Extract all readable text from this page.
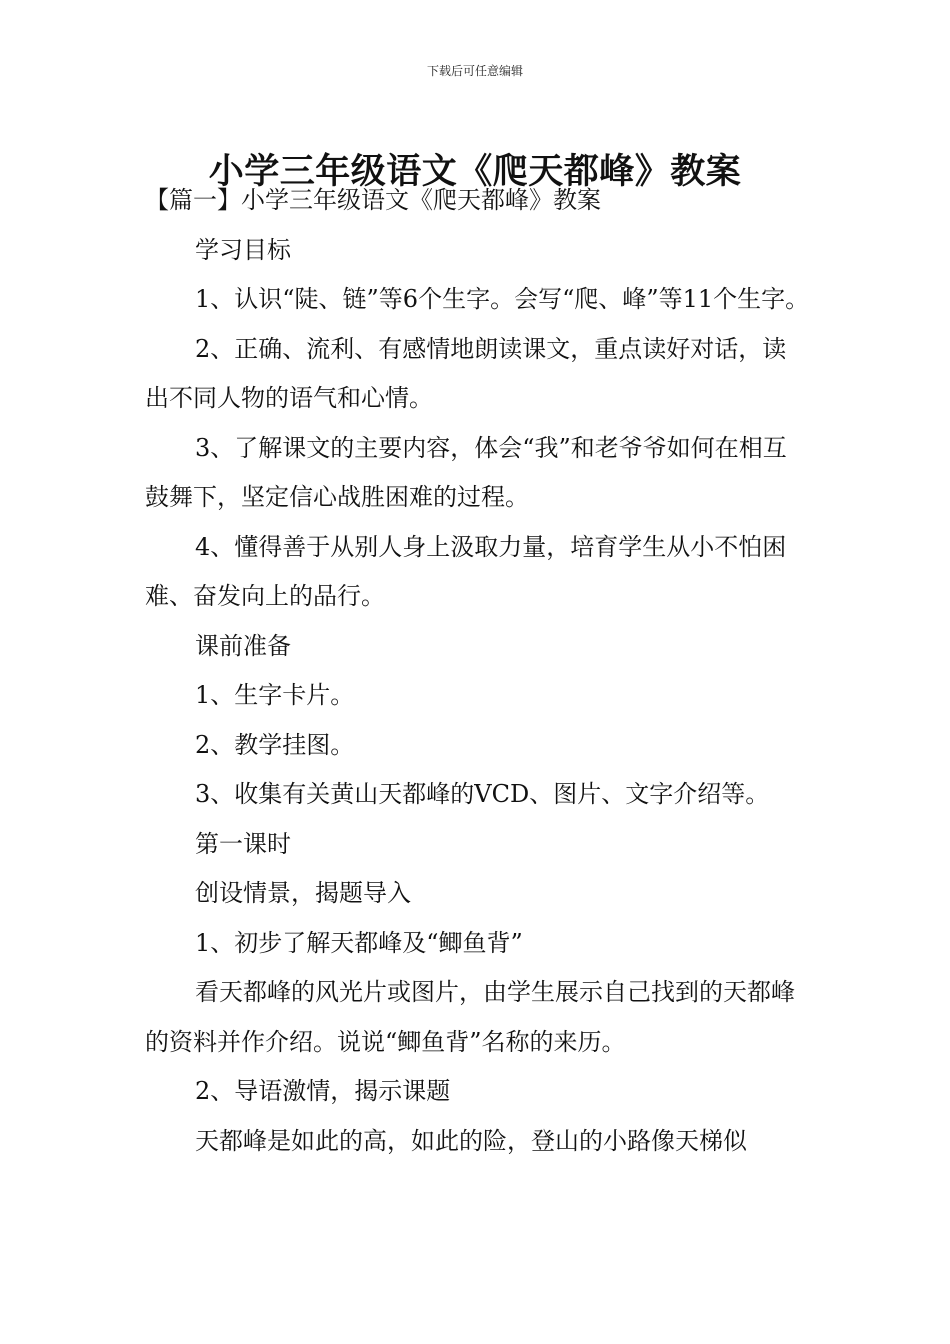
下载后可任意编辑
小学三年级语文《爬天都峰》教案

【篇一】小学三年级语文《爬天都峰》教案

学习目标

1、认识“陡、链”等6个生字。会写“爬、峰”等11个生字。

2、正确、流利、有感情地朗读课文，重点读好对话，读出不同人物的语气和心情。

3、了解课文的主要内容，体会“我”和老爷爷如何在相互鼓舞下，坚定信心战胜困难的过程。

4、懂得善于从别人身上汲取力量，培育学生从小不怕困难、奋发向上的品行。

课前准备

1、生字卡片。

2、教学挂图。

3、收集有关黄山天都峰的VCD、图片、文字介绍等。

第一课时

创设情景，揭题导入

1、初步了解天都峰及“鲫鱼背”

看天都峰的风光片或图片，由学生展示自己找到的天都峰的资料并作介绍。说说“鲫鱼背”名称的来历。

2、导语激情，揭示课题

天都峰是如此的高，如此的险，登山的小路像天梯似
